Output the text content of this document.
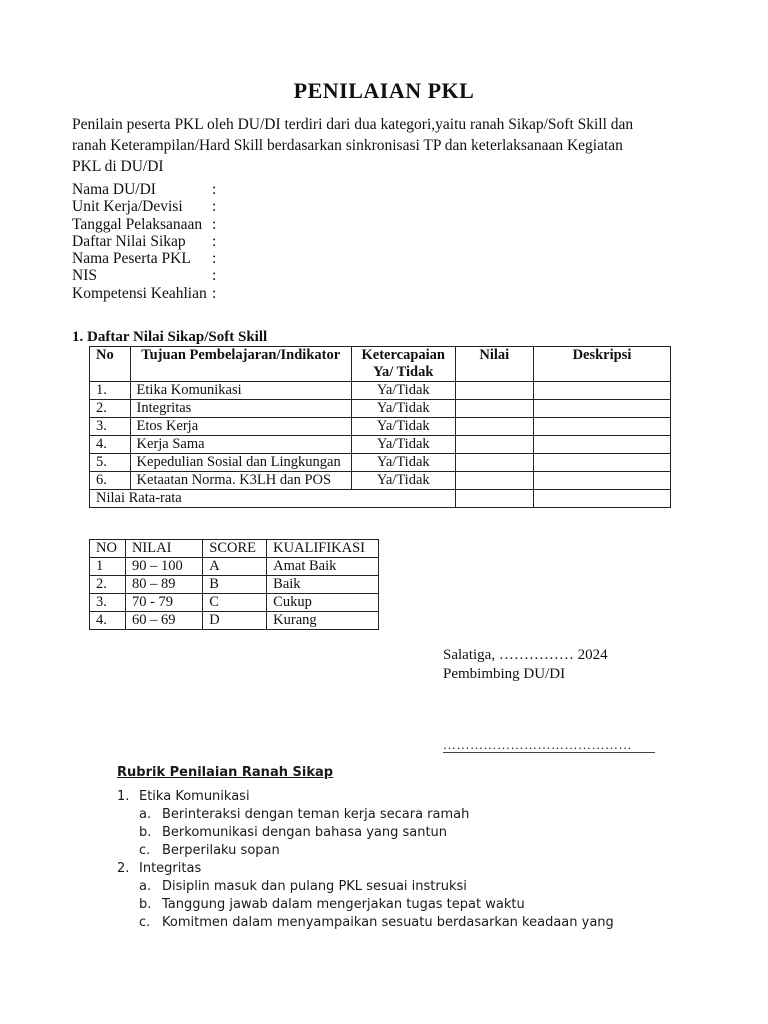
PENILAIAN PKL
Penilain peserta PKL oleh DU/DI terdiri dari dua kategori,yaitu ranah Sikap/Soft Skill dan ranah Keterampilan/Hard Skill berdasarkan sinkronisasi TP dan keterlaksanaan Kegiatan PKL di DU/DI
Nama DU/DI	:
Unit Kerja/Devisi :
Tanggal Pelaksanaan :
Daftar Nilai Sikap :
Nama Peserta PKL :
NIS	:
Kompetensi Keahlian :
1. Daftar Nilai Sikap/Soft Skill
No	Tujuan Pembelajaran/Indikator	Ketercapaian Ya/ Tidak	Nilai	Deskripsi
1.	Etika Komunikasi	Ya/Tidak		
2.	Integritas	Ya/Tidak		
3.	Etos Kerja	Ya/Tidak		
4.	Kerja Sama	Ya/Tidak		
5.	Kepedulian Sosial dan Lingkungan	Ya/Tidak		
6.	Ketaatan Norma. K3LH dan POS	Ya/Tidak		
Nilai Rata-rata				
NO	NILAI	SCORE	KUALIFIKASI
1	90 – 100	A	Amat Baik
2.	80 – 89	B	Baik
3.	70 - 79	C	Cukup
4.	60 – 69	D	Kurang
Salatiga, …………… 2024
Pembimbing DU/DI
……………………………………
Rubrik Penilaian Ranah Sikap
1. Etika Komunikasi
a. Berinteraksi dengan teman kerja secara ramah
b. Berkomunikasi dengan bahasa yang santun
c. Berperilaku sopan
2. Integritas
a. Disiplin masuk dan pulang PKL sesuai instruksi
b. Tanggung jawab dalam mengerjakan tugas tepat waktu
c. Komitmen dalam menyampaikan sesuatu berdasarkan keadaan yang
